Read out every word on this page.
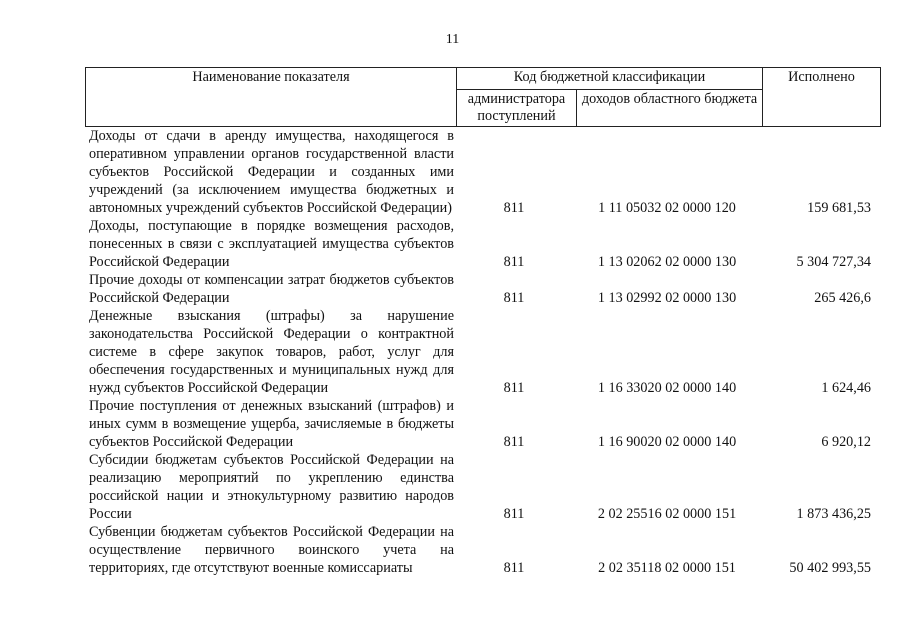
11
Наименование показателя	Код бюджетной классификации		Исполнено
	администратора поступлений	доходов областного бюджета	
Доходы от сдачи в аренду имущества, находящегося в оперативном управлении органов государственной власти субъектов Российской Федерации и созданных ими учреждений (за исключением имущества бюджетных и автономных учреждений субъектов Российской Федерации)	811	1 11 05032 02 0000 120	159 681,53
Доходы, поступающие в порядке возмещения расходов, понесенных в связи с эксплуатацией имущества субъектов Российской Федерации	811	1 13 02062 02 0000 130	5 304 727,34
Прочие доходы от компенсации затрат бюджетов субъектов Российской Федерации	811	1 13 02992 02 0000 130	265 426,6
Денежные взыскания (штрафы) за нарушение законодательства Российской Федерации о контрактной системе в сфере закупок товаров, работ, услуг для обеспечения государственных и муниципальных нужд для нужд субъектов Российской Федерации	811	1 16 33020 02 0000 140	1 624,46
Прочие поступления от денежных взысканий (штрафов) и иных сумм в возмещение ущерба, зачисляемые в бюджеты субъектов Российской Федерации	811	1 16 90020 02 0000 140	6 920,12
Субсидии бюджетам субъектов Российской Федерации на реализацию мероприятий по укреплению единства российской нации и этнокультурному развитию народов России	811	2 02 25516 02 0000 151	1 873 436,25
Субвенции бюджетам субъектов Российской Федерации на осуществление первичного воинского учета на территориях, где отсутствуют военные комиссариаты	811	2 02 35118 02 0000 151	50 402 993,55
